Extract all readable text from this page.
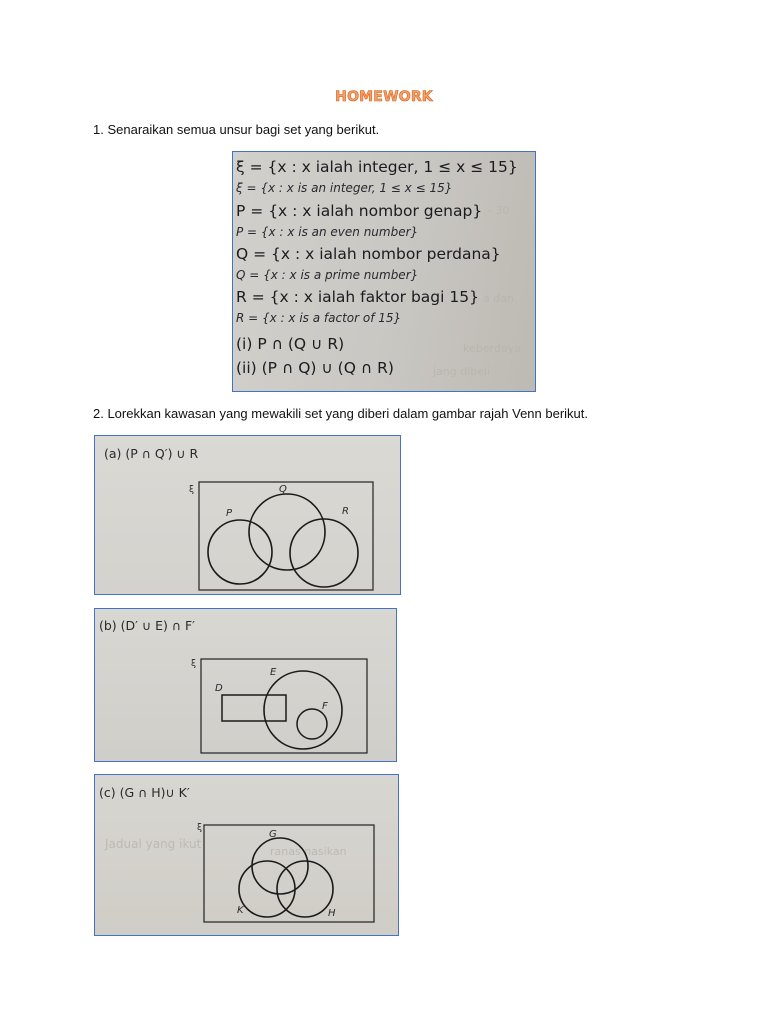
HOMEWORK
1. Senaraikan semua unsur bagi set yang berikut.
- 30
a dan
keberdaya
jang dibeli
ξ = {x : x ialah integer, 1 ≤ x ≤ 15}
ξ = {x : x is an integer, 1 ≤ x ≤ 15}
P = {x : x ialah nombor genap}
P = {x : x is an even number}
Q = {x : x ialah nombor perdana}
Q = {x : x is a prime number}
R = {x : x ialah faktor bagi 15}
R = {x : x is a factor of 15}
(i) P ∩ (Q ∪ R)
(ii) (P ∩ Q) ∪ (Q ∩ R)
2. Lorekkan kawasan yang mewakili set yang diberi dalam gambar rajah Venn berikut.
(a) (P ∩ Q′) ∪ R
ξ
P
Q
R
(b) (D′ ∪ E) ∩ F′
ξ
D
E
F
Jadual yang ikut
ranas nasikan
(c) (G ∩ H)∪ K′
ξ
G
K	H
